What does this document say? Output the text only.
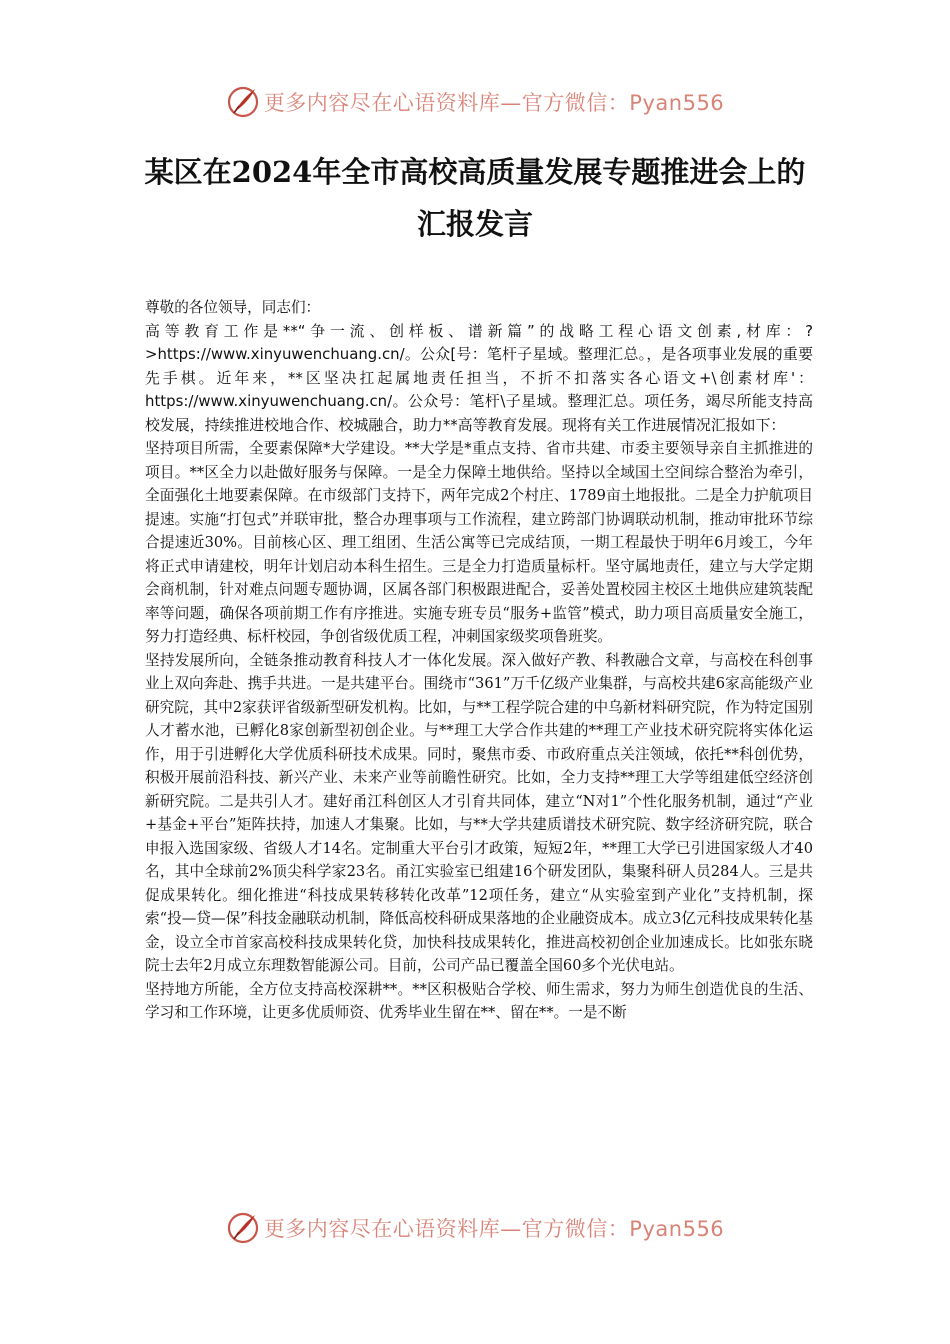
更多内容尽在心语资料库—官方微信：Pyan556
某区在2024年全市高校高质量发展专题推进会上的
汇报发言

尊敬的各位领导，同志们：

高等教育工作是**“争一流、创样板、谱新篇”的战略工程心语文创素,材库：?>https://www.xinyuwenchuang.cn/。公众[号：笔杆子星域。整理汇总。，是各项事业发展的重要先手棋。近年来，**区坚决扛起属地责任担当，不折不扣落实各心语文+\创素材库'：https://www.xinyuwenchuang.cn/。公众号：笔杆\子星域。整理汇总。项任务，竭尽所能支持高校发展，持续推进校地合作、校城融合，助力**高等教育发展。现将有关工作进展情况汇报如下：

坚持项目所需，全要素保障*大学建设。**大学是*重点支持、省市共建、市委主要领导亲自主抓推进的项目。**区全力以赴做好服务与保障。一是全力保障土地供给。坚持以全域国土空间综合整治为牵引，全面强化土地要素保障。在市级部门支持下，两年完成2个村庄、1789亩土地报批。二是全力护航项目提速。实施“打包式”并联审批，整合办理事项与工作流程，建立跨部门协调联动机制，推动审批环节综合提速近30%。目前核心区、理工组团、生活公寓等已完成结顶，一期工程最快于明年6月竣工，今年将正式申请建校，明年计划启动本科生招生。三是全力打造质量标杆。坚守属地责任，建立与大学定期会商机制，针对难点问题专题协调，区属各部门积极跟进配合，妥善处置校园主校区土地供应建筑装配率等问题，确保各项前期工作有序推进。实施专班专员“服务+监管”模式，助力项目高质量安全施工，努力打造经典、标杆校园，争创省级优质工程，冲刺国家级奖项鲁班奖。

坚持发展所向，全链条推动教育科技人才一体化发展。深入做好产教、科教融合文章，与高校在科创事业上双向奔赴、携手共进。一是共建平台。围绕市“361”万千亿级产业集群，与高校共建6家高能级产业研究院，其中2家获评省级新型研发机构。比如，与**工程学院合建的中乌新材料研究院，作为特定国别人才蓄水池，已孵化8家创新型初创企业。与**理工大学合作共建的**理工产业技术研究院将实体化运作，用于引进孵化大学优质科研技术成果。同时，聚焦市委、市政府重点关注领域，依托**科创优势，积极开展前沿科技、新兴产业、未来产业等前瞻性研究。比如，全力支持**理工大学等组建低空经济创新研究院。二是共引人才。建好甬江科创区人才引育共同体，建立“N对1”个性化服务机制，通过“产业+基金+平台”矩阵扶持，加速人才集聚。比如，与**大学共建质谱技术研究院、数字经济研究院，联合申报入选国家级、省级人才14名。定制重大平台引才政策，短短2年，**理工大学已引进国家级人才40名，其中全球前2%顶尖科学家23名。甬江实验室已组建16个研发团队，集聚科研人员284人。三是共促成果转化。细化推进“科技成果转移转化改革”12项任务，建立“从实验室到产业化”支持机制，探索“投—贷—保”科技金融联动机制，降低高校科研成果落地的企业融资成本。成立3亿元科技成果转化基金，设立全市首家高校科技成果转化贷，加快科技成果转化，推进高校初创企业加速成长。比如张东晓院士去年2月成立东理数智能源公司。目前，公司产品已覆盖全国60多个光伏电站。

坚持地方所能，全方位支持高校深耕**。**区积极贴合学校、师生需求，努力为师生创造优良的生活、学习和工作环境，让更多优质师资、优秀毕业生留在**、留在**。一是不断

更多内容尽在心语资料库—官方微信：Pyan556
